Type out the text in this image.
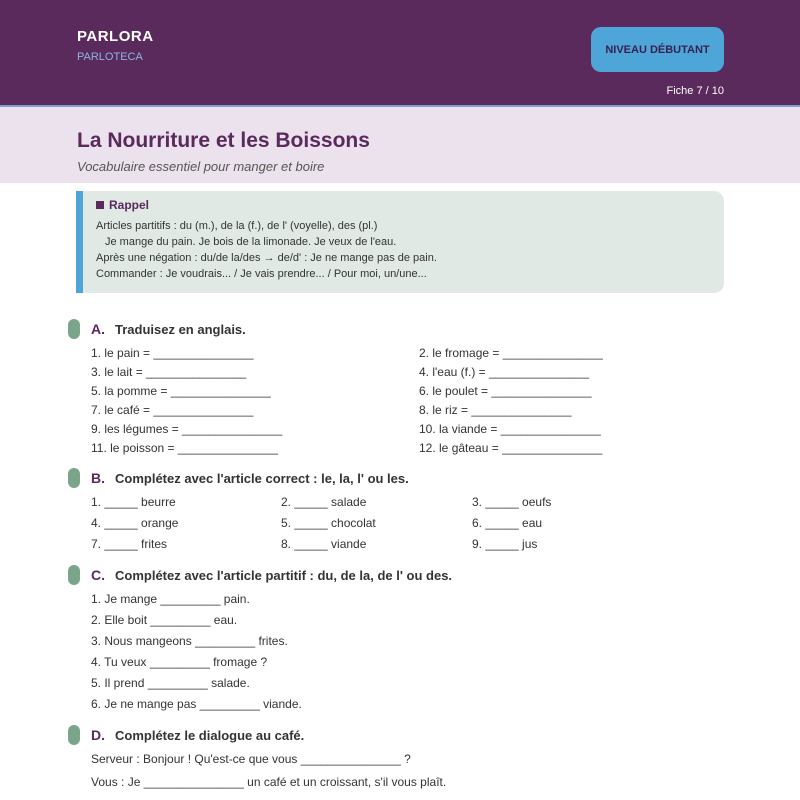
PARLORA
PARLOTECA
NIVEAU DÉBUTANT
Fiche 7 / 10
La Nourriture et les Boissons
Vocabulaire essentiel pour manger et boire
Rappel
Articles partitifs : du (m.), de la (f.), de l' (voyelle), des (pl.)
Je mange du pain. Je bois de la limonade. Je veux de l'eau.
Après une négation : du/de la/des → de/d' : Je ne mange pas de pain.
Commander : Je voudrais... / Je vais prendre... / Pour moi, un/une...
A. Traduisez en anglais.
1. le pain = _______________	2. le fromage = _______________
3. le lait = _______________	4. l'eau (f.) = _______________
5. la pomme = _______________	6. le poulet = _______________
7. le café = _______________	8. le riz = _______________
9. les légumes = _______________	10. la viande = _______________
11. le poisson = _______________	12. le gâteau = _______________
B. Complétez avec l'article correct : le, la, l' ou les.
1. _____ beurre	2. _____ salade	3. _____ oeufs
4. _____ orange	5. _____ chocolat	6. _____ eau
7. _____ frites	8. _____ viande	9. _____ jus
C. Complétez avec l'article partitif : du, de la, de l' ou des.
1. Je mange _________ pain.
2. Elle boit _________ eau.
3. Nous mangeons _________ frites.
4. Tu veux _________ fromage ?
5. Il prend _________ salade.
6. Je ne mange pas _________ viande.
D. Complétez le dialogue au café.
Serveur : Bonjour ! Qu'est-ce que vous _______________ ?
Vous : Je _______________ un café et un croissant, s'il vous plaît.
